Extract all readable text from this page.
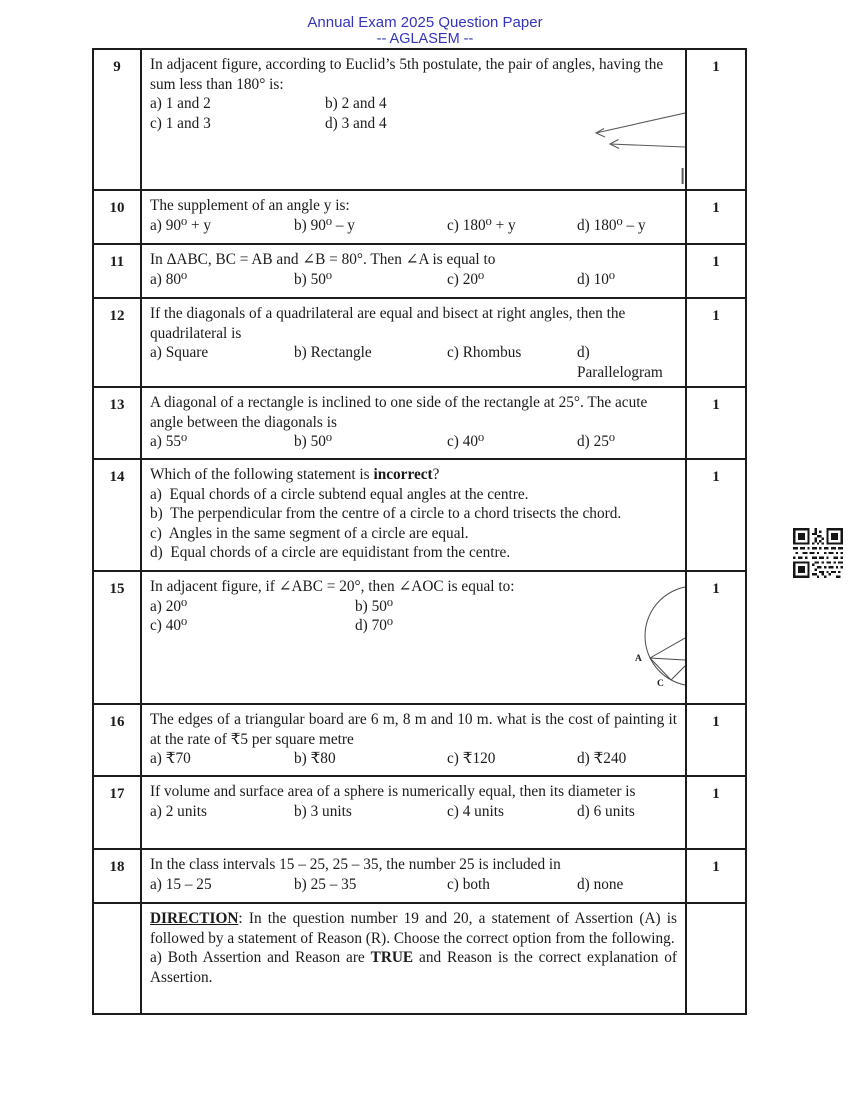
Annual Exam 2025 Question Paper
-- AGLASEM --
9	In adjacent figure, according to Euclid’s 5th postulate, the pair of angles, having the sum less than 180° is:

a) 1 and 2 b) 2 and 4
c) 1 and 3 d) 3 and 4	1
10	The supplement of an angle y is:

a) 90⁰ + y b) 90⁰ – y c) 180⁰ + y d) 180⁰ – y	1
11	In ΔABC, BC = AB and ∠B = 80°. Then ∠A is equal to

a) 80⁰ b) 50⁰ c) 20⁰ d) 10⁰	1
12	If the diagonals of a quadrilateral are equal and bisect at right angles, then the quadrilateral is

a) Square b) Rectangle c) Rhombus d) Parallelogram	1
13	A diagonal of a rectangle is inclined to one side of the rectangle at 25°. The acute angle between the diagonals is

a) 55⁰ b) 50⁰ c) 40⁰ d) 25⁰	1
14	Which of the following statement is incorrect?

a)  Equal chords of a circle subtend equal angles at the centre.
b)  The perpendicular from the centre of a circle to a chord trisects the chord.
c)  Angles in the same segment of a circle are equal.
d)  Equal chords of a circle are equidistant from the centre.	1
15	In adjacent figure, if ∠ABC = 20°, then ∠AOC is equal to:

a) 20⁰	b) 50⁰
c) 40⁰	d) 70⁰
A
C
	1
16	The edges of a triangular board are 6 m, 8 m and 10 m. what is the cost of painting it at the rate of ₹5 per square metre

a) ₹70 b) ₹80 c) ₹120 d) ₹240	1
17	If volume and surface area of a sphere is numerically equal, then its diameter is

a) 2 units b) 3 units c) 4 units d) 6 units	1
18	In the class intervals 15 – 25, 25 – 35, the number 25 is included in

a) 15 – 25 b) 25 – 35 c) both d) none	1

	DIRECTION: In the question number 19 and 20, a statement of Assertion (A) is followed by a statement of Reason (R). Choose the correct option from the following.

a) Both Assertion and Reason are TRUE and Reason is the correct explanation of Assertion.	
